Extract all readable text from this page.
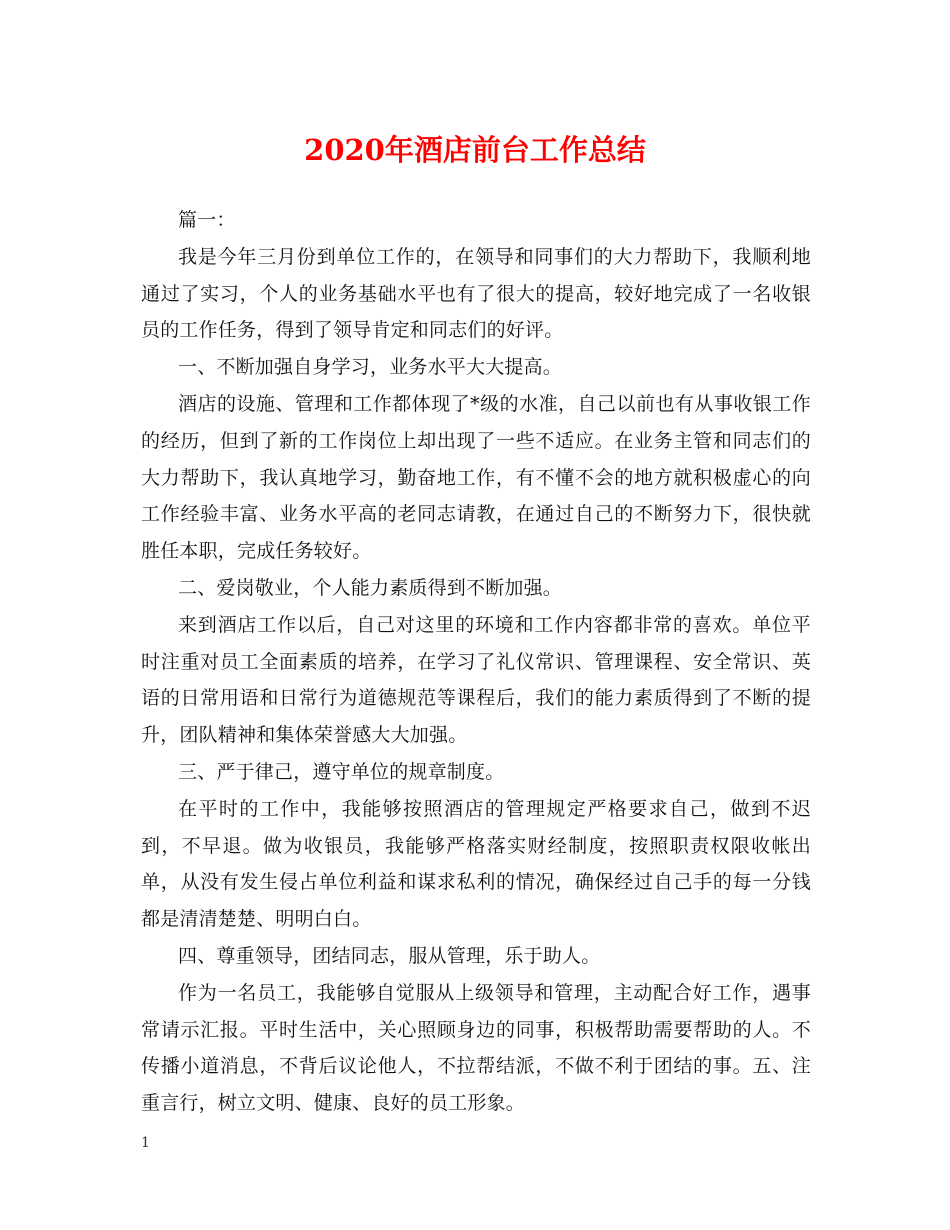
2020年酒店前台工作总结

篇一：

我是今年三月份到单位工作的，在领导和同事们的大力帮助下，我顺利地通过了实习，个人的业务基础水平也有了很大的提高，较好地完成了一名收银员的工作任务，得到了领导肯定和同志们的好评。

一、不断加强自身学习，业务水平大大提高。

酒店的设施、管理和工作都体现了*级的水准，自己以前也有从事收银工作的经历，但到了新的工作岗位上却出现了一些不适应。在业务主管和同志们的大力帮助下，我认真地学习，勤奋地工作，有不懂不会的地方就积极虚心的向工作经验丰富、业务水平高的老同志请教，在通过自己的不断努力下，很快就胜任本职，完成任务较好。

二、爱岗敬业，个人能力素质得到不断加强。

来到酒店工作以后，自己对这里的环境和工作内容都非常的喜欢。单位平时注重对员工全面素质的培养，在学习了礼仪常识、管理课程、安全常识、英语的日常用语和日常行为道德规范等课程后，我们的能力素质得到了不断的提升，团队精神和集体荣誉感大大加强。

三、严于律己，遵守单位的规章制度。

在平时的工作中，我能够按照酒店的管理规定严格要求自己，做到不迟到，不早退。做为收银员，我能够严格落实财经制度，按照职责权限收帐出单，从没有发生侵占单位利益和谋求私利的情况，确保经过自己手的每一分钱都是清清楚楚、明明白白。

四、尊重领导，团结同志，服从管理，乐于助人。

作为一名员工，我能够自觉服从上级领导和管理，主动配合好工作，遇事常请示汇报。平时生活中，关心照顾身边的同事，积极帮助需要帮助的人。不传播小道消息，不背后议论他人，不拉帮结派，不做不利于团结的事。五、注重言行，树立文明、健康、良好的员工形象。

1
